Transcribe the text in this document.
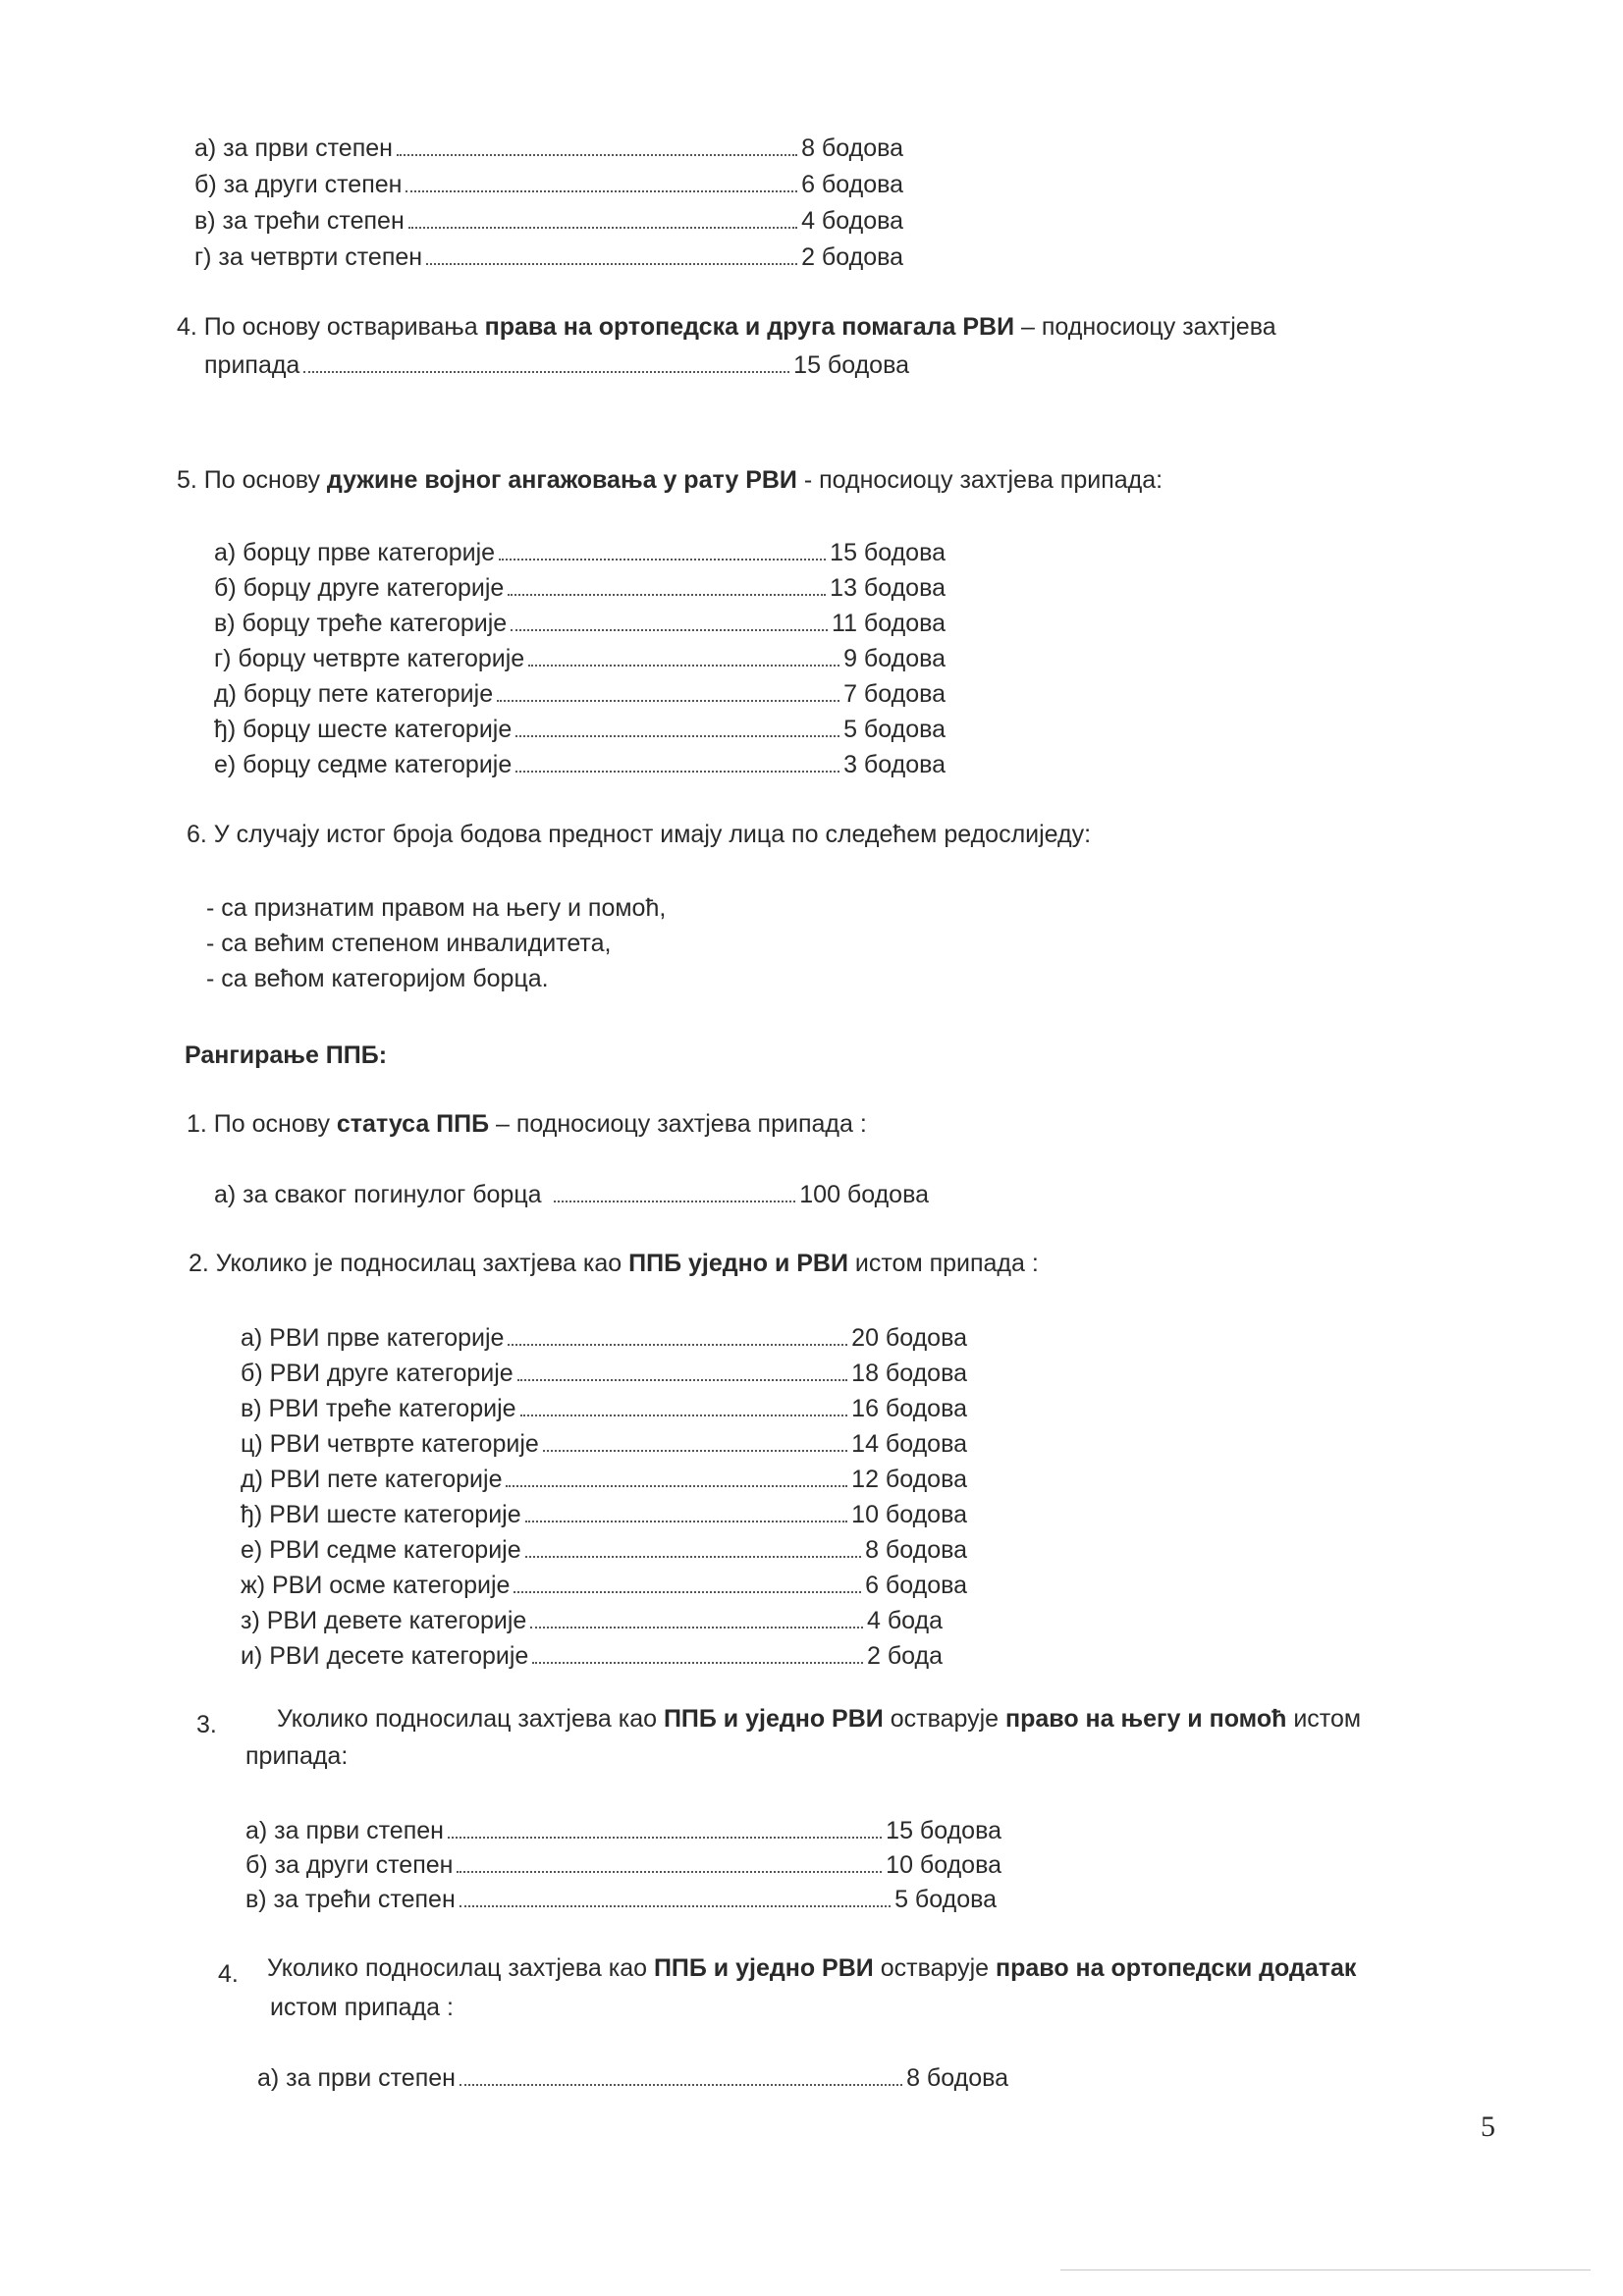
а) за први степен	8 бодова
б) за други степен	6 бодова
в) за трећи степен	4 бодова
г) за четврти степен	2 бодова
4. По основу остваривања права на ортопедска и друга помагала РВИ – подносиоцу захтјева
припада	15 бодова
5. По основу дужине војног ангажовања у рату РВИ - подносиоцу захтјева припада:
а) борцу прве категорије	15 бодова
б) борцу друге категорије	13 бодова
в) борцу треће категорије	11 бодова
г) борцу четврте категорије	9 бодова
д) борцу пете категорије	7 бодова
ђ) борцу шесте категорије	5 бодова
е) борцу седме категорије	3 бодова
6. У случају истог броја бодова предност имају лица по следећем редослиједу:
- са признатим правом на његу и помоћ,
- са већим степеном инвалидитета,
- са већом категоријом борца.
Рангирање ППБ:
1. По основу статуса ППБ – подносиоцу захтјева припада :
а) за сваког погинулог борца	100 бодова
2. Уколико је подносилац захтјева као ППБ уједно и РВИ истом припада :
а) РВИ прве категорије	20 бодова
б) РВИ друге категорије	18 бодова
в) РВИ треће категорије	16 бодова
ц) РВИ четврте категорије	14 бодова
д) РВИ пете категорије	12 бодова
ђ) РВИ шесте категорије	10 бодова
е) РВИ седме категорије	8 бодова
ж) РВИ осме категорије	6 бодова
з) РВИ девете категорије	4 бода
и) РВИ десете категорије	2 бода
3. Уколико подносилац захтјева као ППБ и уједно РВИ остварује право на његу и помоћ истом
припада:
а) за први степен	15 бодова
б) за други степен	10 бодова
в) за трећи степен	5 бодова
4. Уколико подносилац захтјева као ППБ и уједно РВИ остварује право на ортопедски додатак
истом припада :
а) за први степен	8 бодова
5
